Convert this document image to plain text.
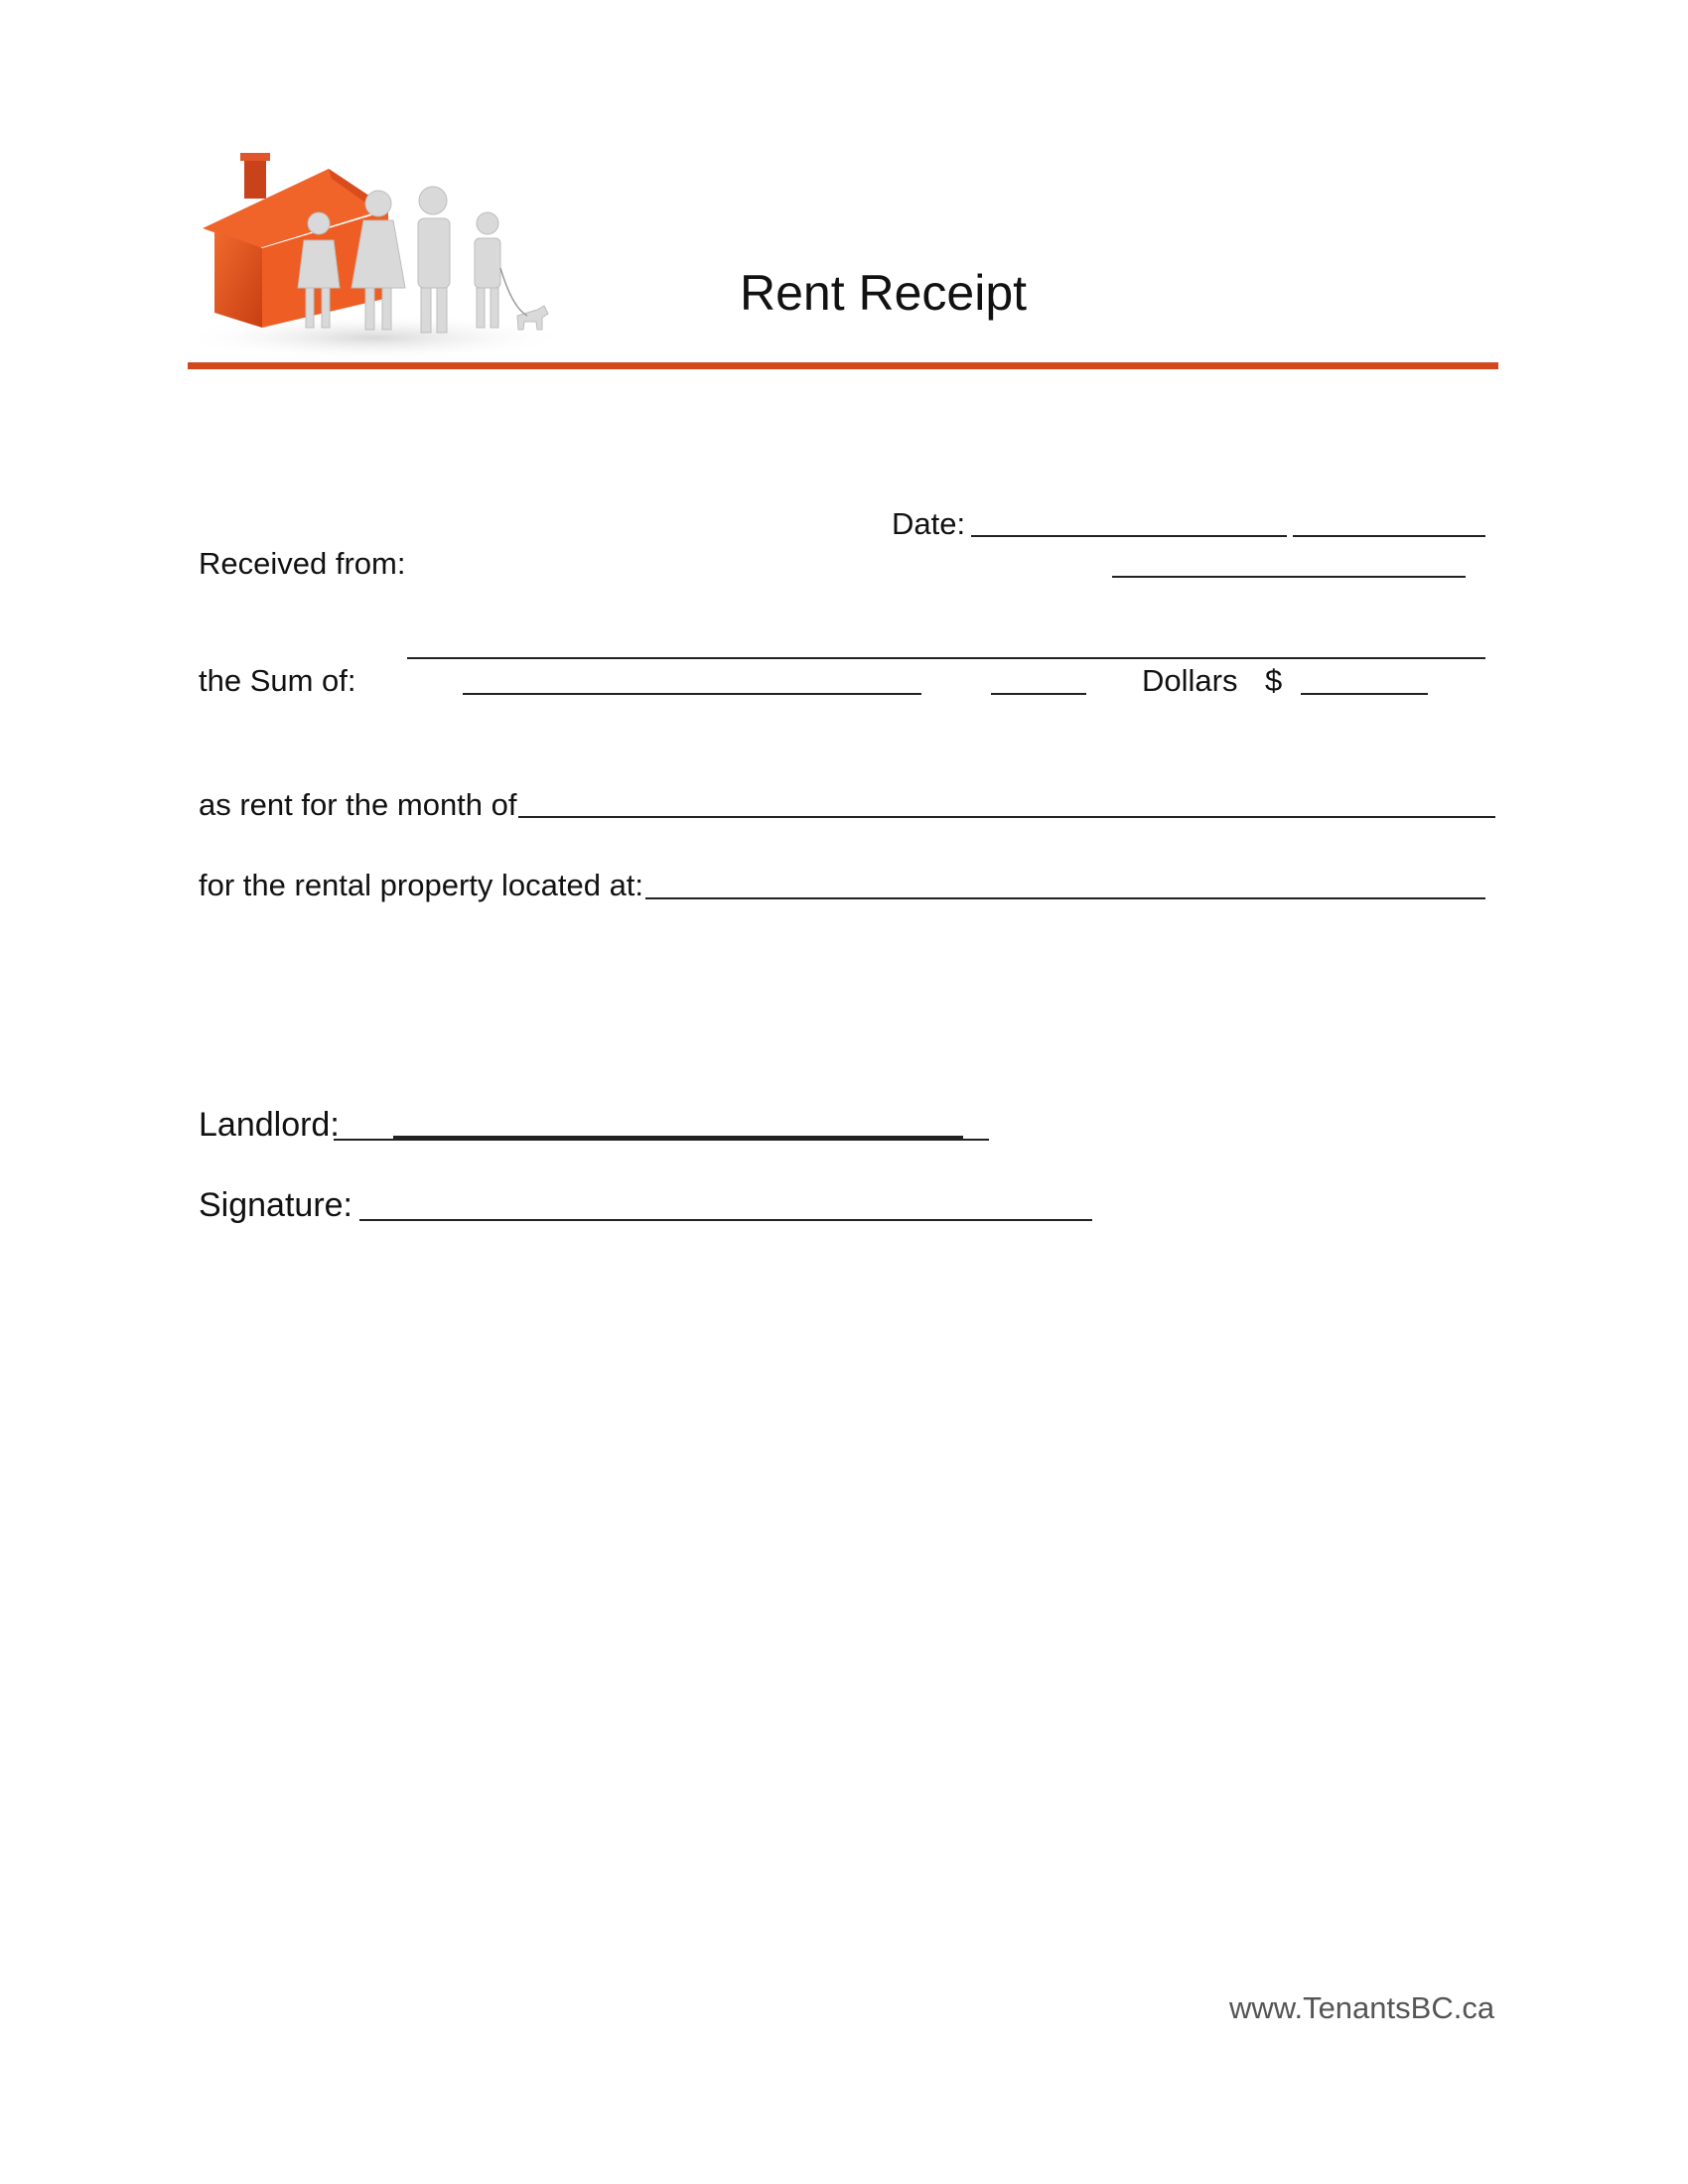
Rent Receipt
Date:
Received from:
the Sum of:	Dollars $
as rent for the month of
for the rental property located at:
Landlord:
Signature:
www.TenantsBC.ca
